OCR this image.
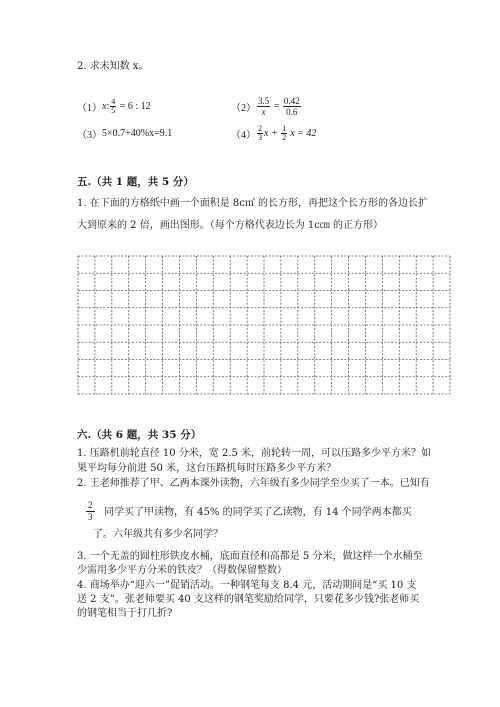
2. 求未知数 x。
（1） x : $\frac{4}{5} = 6$ : 12	$(2) \frac{3.5}{x} = \frac{0.42}{0.6}$
（3） 5×0.7+40%x=9.1	$(4) \frac{2}{3}$ $x + \frac{1}{2}$ x = 42
五.（共 1 题，共 5 分）
1. 在下面的方格纸中画一个面积是 8c㎡ 的长方形，再把这个长方形的各边长扩
大到原来的 2 倍，画出图形。（每个方格代表边长为 1c㎝ 的正方形）
六.（共 6 题，共 35 分）
1. 压路机前轮直径 10 分米，宽 2.5 米，前轮转一周，可以压路多少平方米？如
果平均每分前进 50 米，这台压路机每时压路多少平方米？
2. 王老师推荐了甲、乙两本课外读物，六年级有多少同学至少买了一本。已知有
$\frac{2}{3}$ 同学买了甲读物，有 45% 的同学买了乙读物，有 14 个同学两本都买
了。六年级共有多少名同学？
3. 一个无盖的圆柱形铁皮水桶，底面直径和高都是 5 分米，做这样一个水桶至
少需用多少平方分米的铁皮？（得数保留整数）
4. 商场举办“迎六一”促销活动。一种钢笔每支 8.4 元，活动期间是“买 10 支
送 2 支”。张老师要买 40 支这样的钢笔奖励给同学，只要花多少钱?张老师买
的钢笔相当于打几折?
